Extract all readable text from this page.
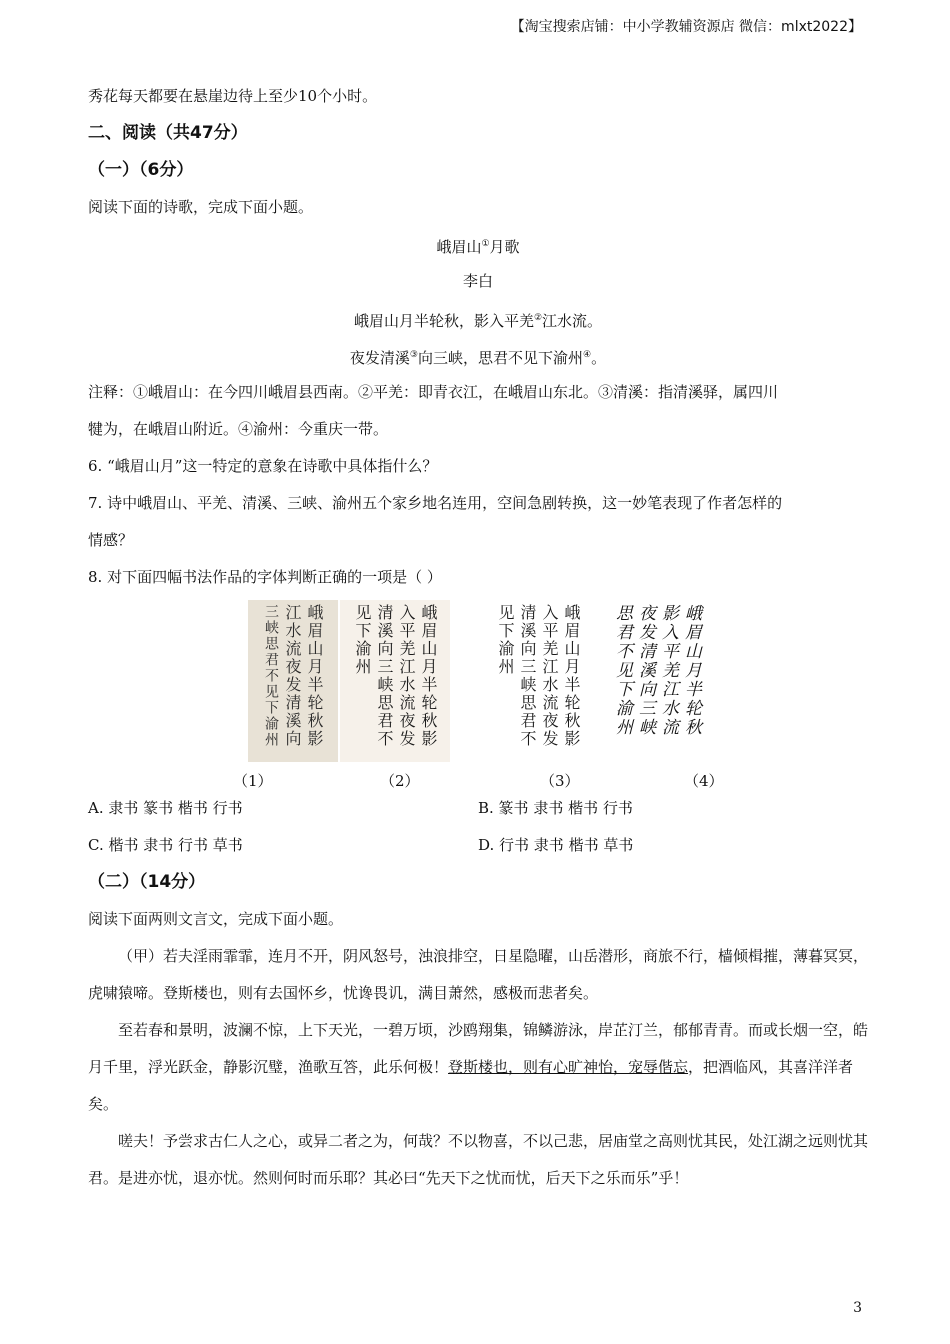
【淘宝搜索店铺：中小学教辅资源店 微信：mlxt2022】
秀花每天都要在悬崖边待上至少10个小时。
二、阅读（共47分）
（一）（6分）
阅读下面的诗歌，完成下面小题。
峨眉山①月歌
李白
峨眉山月半轮秋，影入平羌②江水流。
夜发清溪③向三峡，思君不见下渝州④。
注释：①峨眉山：在今四川峨眉县西南。②平羌：即青衣江，在峨眉山东北。③清溪：指清溪驿，属四川
犍为，在峨眉山附近。④渝州：今重庆一带。
6. “峨眉山月”这一特定的意象在诗歌中具体指什么？
7. 诗中峨眉山、平羌、清溪、三峡、渝州五个家乡地名连用，空间急剧转换，这一妙笔表现了作者怎样的
情感？
8. 对下面四幅书法作品的字体判断正确的一项是（ ）
峨眉山月半轮秋影
江水流夜发清溪向
三峡思君不见下渝州	峨眉山月半轮秋影
入平羌江水流夜发
清溪向三峡思君不
见下渝州	峨眉山月半轮秋影
入平羌江水流夜发
清溪向三峡思君不
见下渝州	峨眉山月半轮秋
影入平羌江水流
夜发清溪向三峡
思君不见下渝州
（1）	（2）	（3）	（4）
A. 隶书 篆书 楷书 行书	B. 篆书 隶书 楷书 行书
C. 楷书 隶书 行书 草书	D. 行书 隶书 楷书 草书
（二）（14分）
阅读下面两则文言文，完成下面小题。
（甲）若夫淫雨霏霏，连月不开，阴风怒号，浊浪排空，日星隐曜，山岳潜形，商旅不行，樯倾楫摧，薄暮冥冥，虎啸猿啼。登斯楼也，则有去国怀乡，忧谗畏讥，满目萧然，感极而悲者矣。
至若春和景明，波澜不惊，上下天光，一碧万顷，沙鸥翔集，锦鳞游泳，岸芷汀兰，郁郁青青。而或长烟一空，皓月千里，浮光跃金，静影沉璧，渔歌互答，此乐何极！登斯楼也，则有心旷神怡，宠辱偕忘，把酒临风，其喜洋洋者矣。
嗟夫！予尝求古仁人之心，或异二者之为，何哉？不以物喜，不以己悲，居庙堂之高则忧其民，处江湖之远则忧其君。是进亦忧，退亦忧。然则何时而乐耶？其必曰“先天下之忧而忧，后天下之乐而乐”乎！
3
